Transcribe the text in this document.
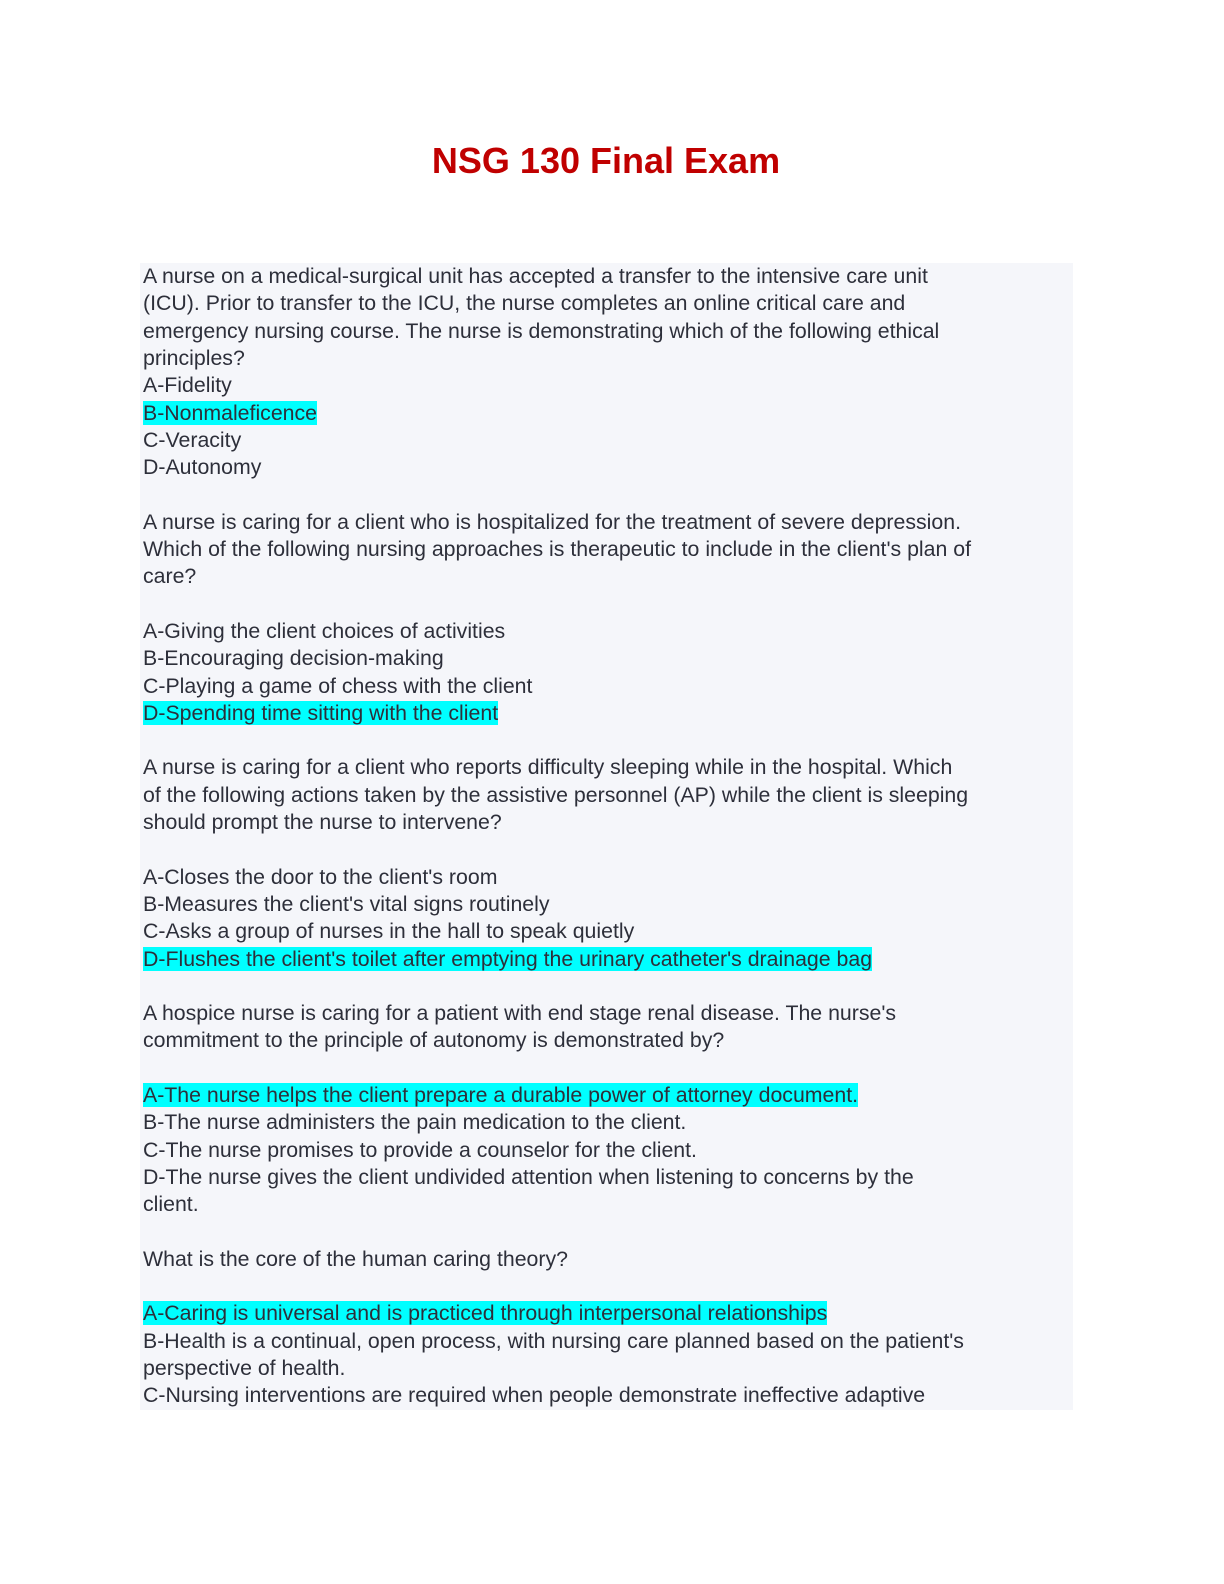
NSG 130 Final Exam
A nurse on a medical-surgical unit has accepted a transfer to the intensive care unit
(ICU). Prior to transfer to the ICU, the nurse completes an online critical care and
emergency nursing course. The nurse is demonstrating which of the following ethical
principles?
A-Fidelity
B-Nonmaleficence
C-Veracity
D-Autonomy
A nurse is caring for a client who is hospitalized for the treatment of severe depression.
Which of the following nursing approaches is therapeutic to include in the client's plan of
care?
A-Giving the client choices of activities
B-Encouraging decision-making
C-Playing a game of chess with the client
D-Spending time sitting with the client
A nurse is caring for a client who reports difficulty sleeping while in the hospital. Which
of the following actions taken by the assistive personnel (AP) while the client is sleeping
should prompt the nurse to intervene?
A-Closes the door to the client's room
B-Measures the client's vital signs routinely
C-Asks a group of nurses in the hall to speak quietly
D-Flushes the client's toilet after emptying the urinary catheter's drainage bag
A hospice nurse is caring for a patient with end stage renal disease. The nurse's
commitment to the principle of autonomy is demonstrated by?
A-The nurse helps the client prepare a durable power of attorney document.
B-The nurse administers the pain medication to the client.
C-The nurse promises to provide a counselor for the client.
D-The nurse gives the client undivided attention when listening to concerns by the
client.
What is the core of the human caring theory?
A-Caring is universal and is practiced through interpersonal relationships
B-Health is a continual, open process, with nursing care planned based on the patient's
perspective of health.
C-Nursing interventions are required when people demonstrate ineffective adaptive
